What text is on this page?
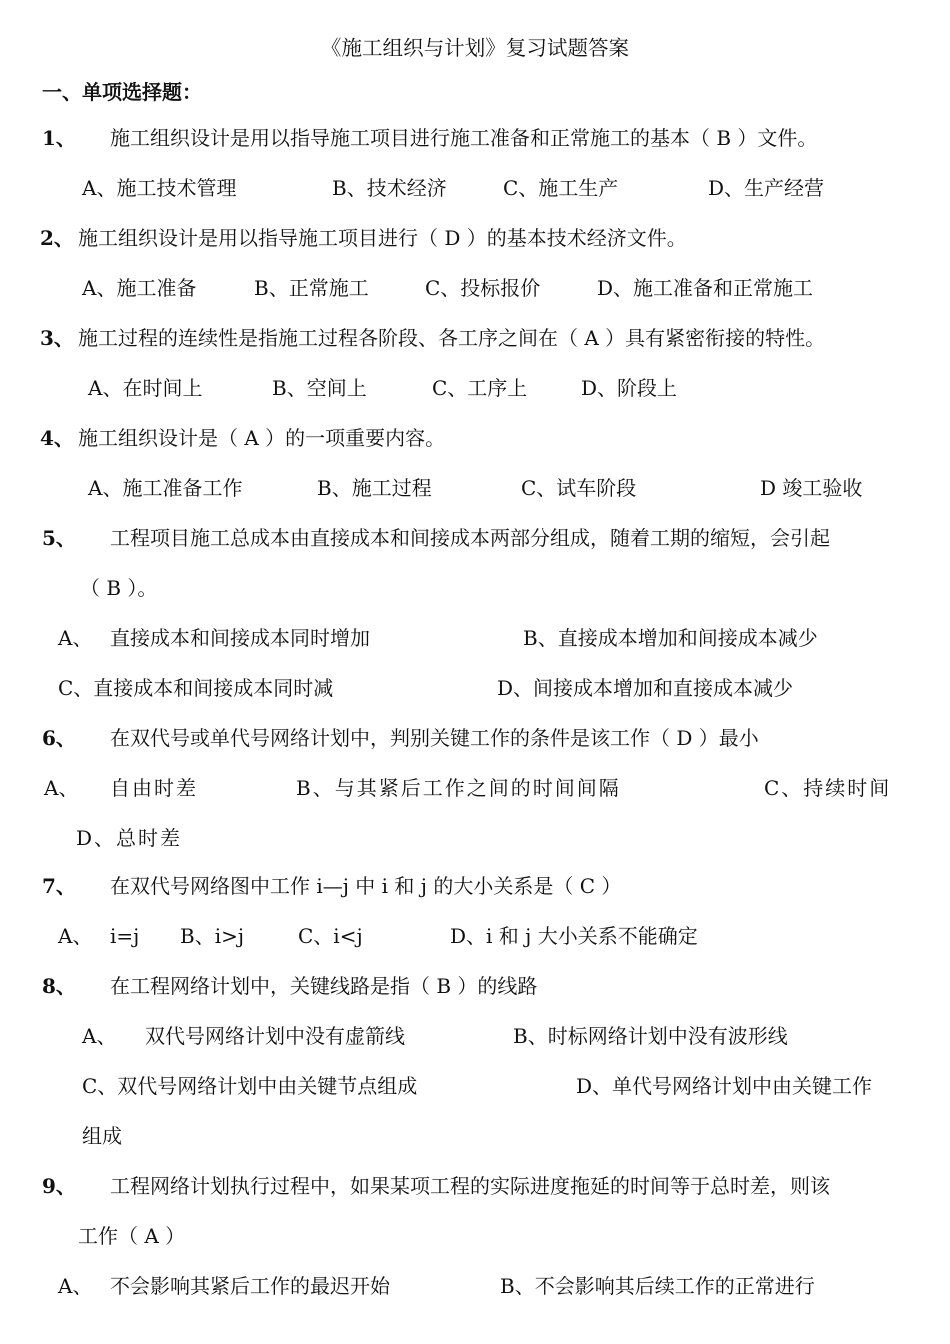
《施工组织与计划》复习试题答案
一、单项选择题：
1、 施工组织设计是用以指导施工项目进行施工准备和正常施工的基本（ B ）文件。
A、施工技术管理	B、技术经济	C、施工生产	D、生产经营
2、 施工组织设计是用以指导施工项目进行（ D ）的基本技术经济文件。
A、施工准备	B、正常施工	C、投标报价	D、施工准备和正常施工
3、 施工过程的连续性是指施工过程各阶段、各工序之间在（ A ）具有紧密衔接的特性。
A、在时间上	B、空间上	C、工序上	D、阶段上
4、 施工组织设计是（ A ）的一项重要内容。
A、施工准备工作	B、施工过程	C、试车阶段	D 竣工验收
5、 工程项目施工总成本由直接成本和间接成本两部分组成，随着工期的缩短，会引起
（ B ）。
A、 直接成本和间接成本同时增加	B、直接成本增加和间接成本减少
C、直接成本和间接成本同时减	D、间接成本增加和直接成本减少
6、 在双代号或单代号网络计划中，判别关键工作的条件是该工作（ D ）最小
A、 自由时差	B、与其紧后工作之间的时间间隔	C、持续时间
D、总时差
7、 在双代号网络图中工作 i—j 中 i 和 j 的大小关系是（ C ）
A、 i=j B、i>j	C、i<j	D、i 和 j 大小关系不能确定
8、 在工程网络计划中，关键线路是指（ B ）的线路
A、 双代号网络计划中没有虚箭线	B、时标网络计划中没有波形线
C、双代号网络计划中由关键节点组成	D、单代号网络计划中由关键工作
组成
9、 工程网络计划执行过程中，如果某项工程的实际进度拖延的时间等于总时差，则该
工作（ A ）
A、 不会影响其紧后工作的最迟开始	B、不会影响其后续工作的正常进行
